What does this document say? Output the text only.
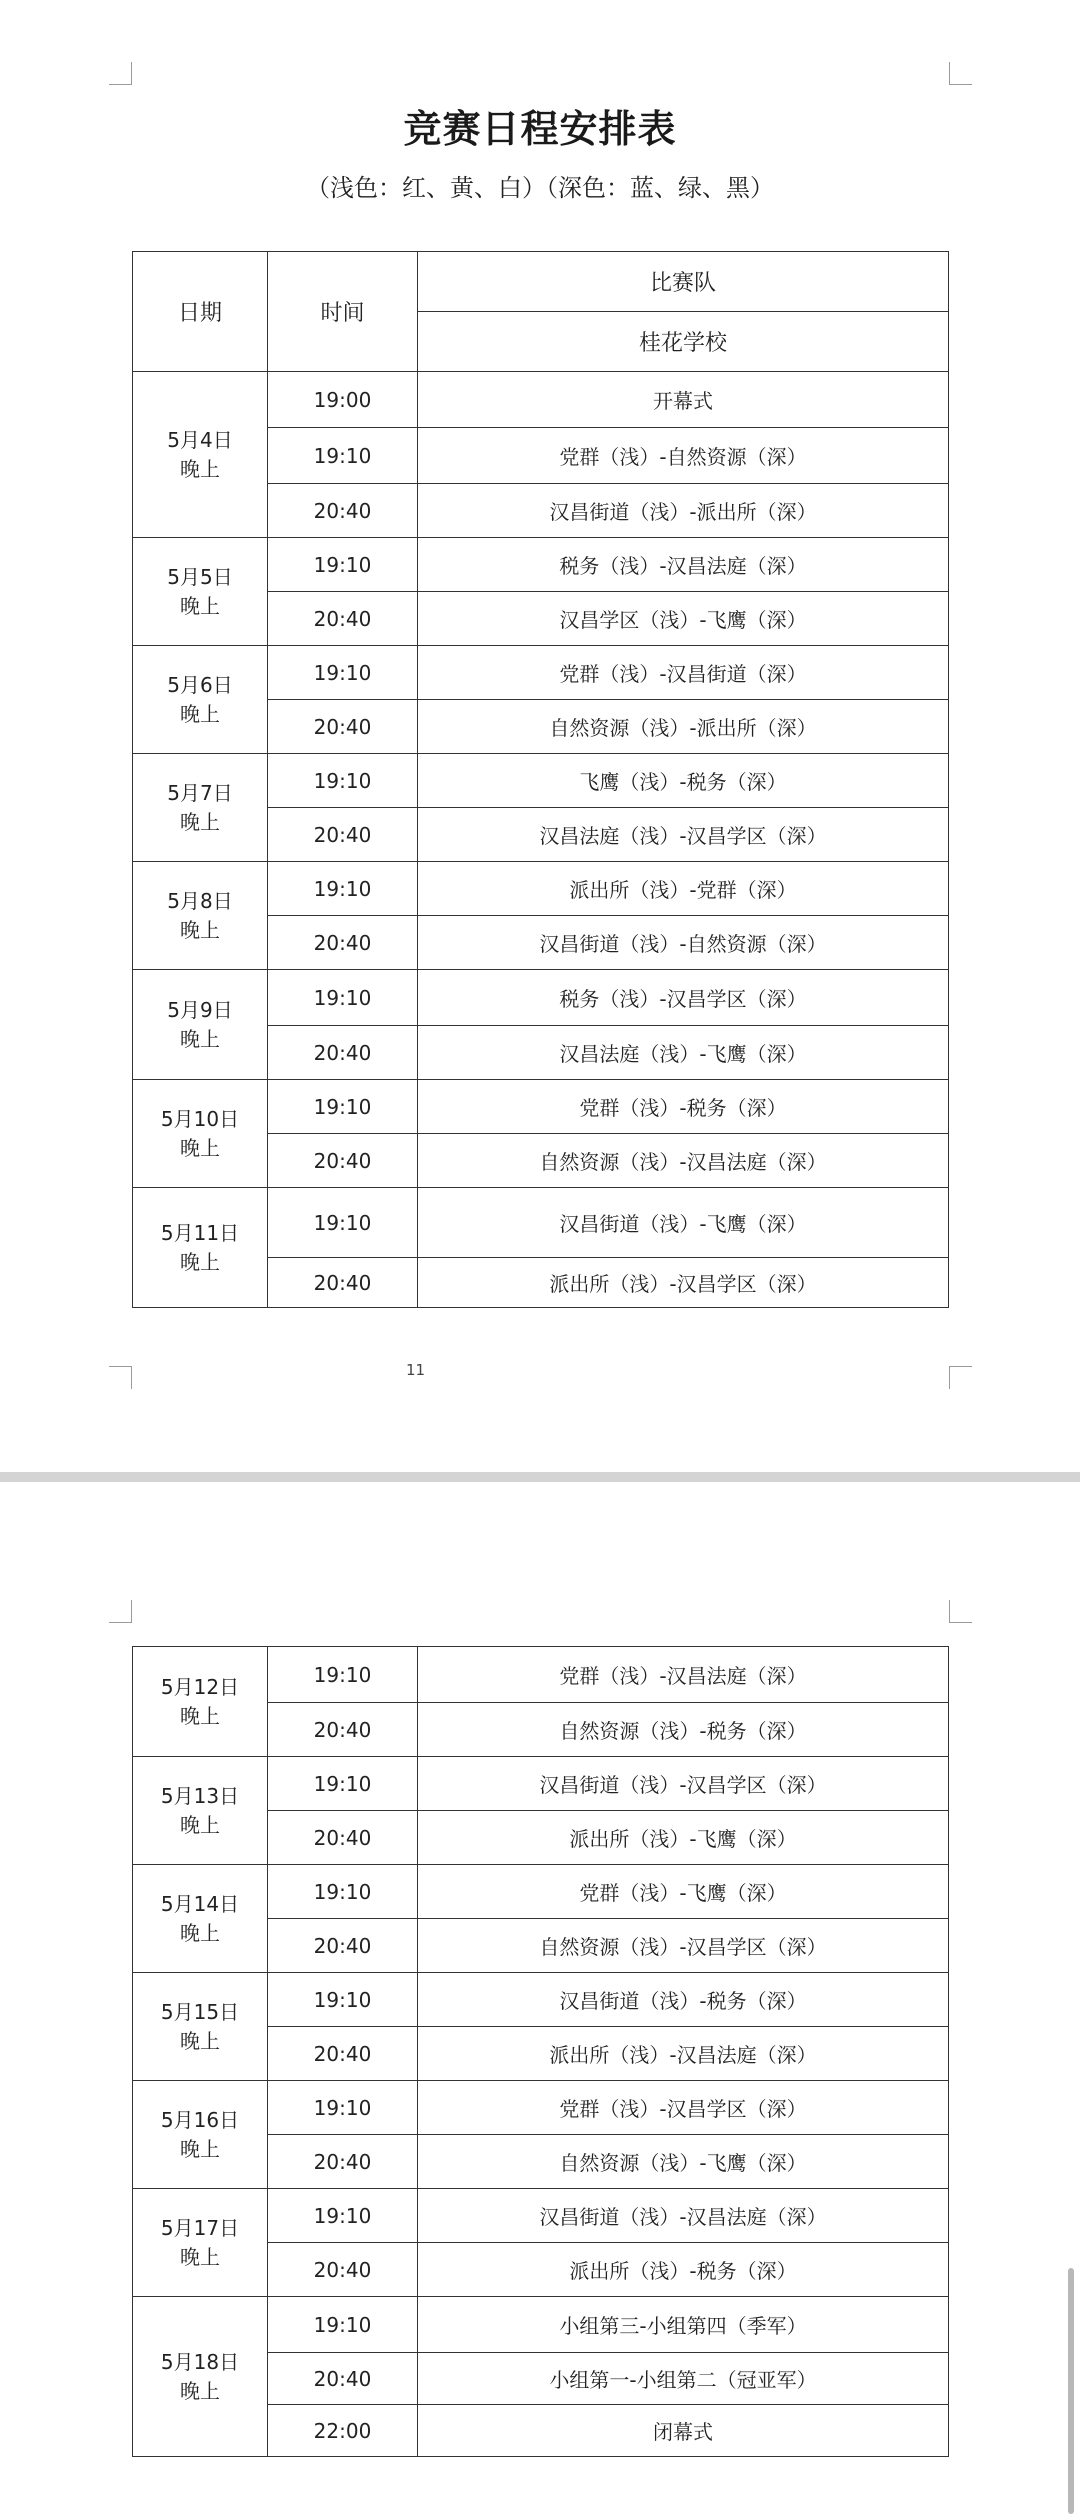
竞赛日程安排表
（浅色：红、黄、白）（深色：蓝、绿、黑）
日期	时间	比赛队
		桂花学校

5月4日
晚上	19:00	开幕式
	19:10	党群（浅）-自然资源（深）
	20:40	汉昌街道（浅）-派出所（深）

5月5日
晚上	19:10	税务（浅）-汉昌法庭（深）
	20:40	汉昌学区（浅）-飞鹰（深）

5月6日
晚上	19:10	党群（浅）-汉昌街道（深）
	20:40	自然资源（浅）-派出所（深）

5月7日
晚上	19:10	飞鹰（浅）-税务（深）
	20:40	汉昌法庭（浅）-汉昌学区（深）

5月8日
晚上	19:10	派出所（浅）-党群（深）
	20:40	汉昌街道（浅）-自然资源（深）

5月9日
晚上	19:10	税务（浅）-汉昌学区（深）
	20:40	汉昌法庭（浅）-飞鹰（深）

5月10日
晚上	19:10	党群（浅）-税务（深）
	20:40	自然资源（浅）-汉昌法庭（深）

5月11日
晚上	19:10	汉昌街道（浅）-飞鹰（深）
	20:40	派出所（浅）-汉昌学区（深）
11
5月12日
晚上	19:10	党群（浅）-汉昌法庭（深）
	20:40	自然资源（浅）-税务（深）

5月13日
晚上	19:10	汉昌街道（浅）-汉昌学区（深）
	20:40	派出所（浅）-飞鹰（深）

5月14日
晚上	19:10	党群（浅）-飞鹰（深）
	20:40	自然资源（浅）-汉昌学区（深）

5月15日
晚上	19:10	汉昌街道（浅）-税务（深）
	20:40	派出所（浅）-汉昌法庭（深）

5月16日
晚上	19:10	党群（浅）-汉昌学区（深）
	20:40	自然资源（浅）-飞鹰（深）

5月17日
晚上	19:10	汉昌街道（浅）-汉昌法庭（深）
	20:40	派出所（浅）-税务（深）

5月18日
晚上	19:10	小组第三-小组第四（季军）
	20:40	小组第一-小组第二（冠亚军）
	22:00	闭幕式
